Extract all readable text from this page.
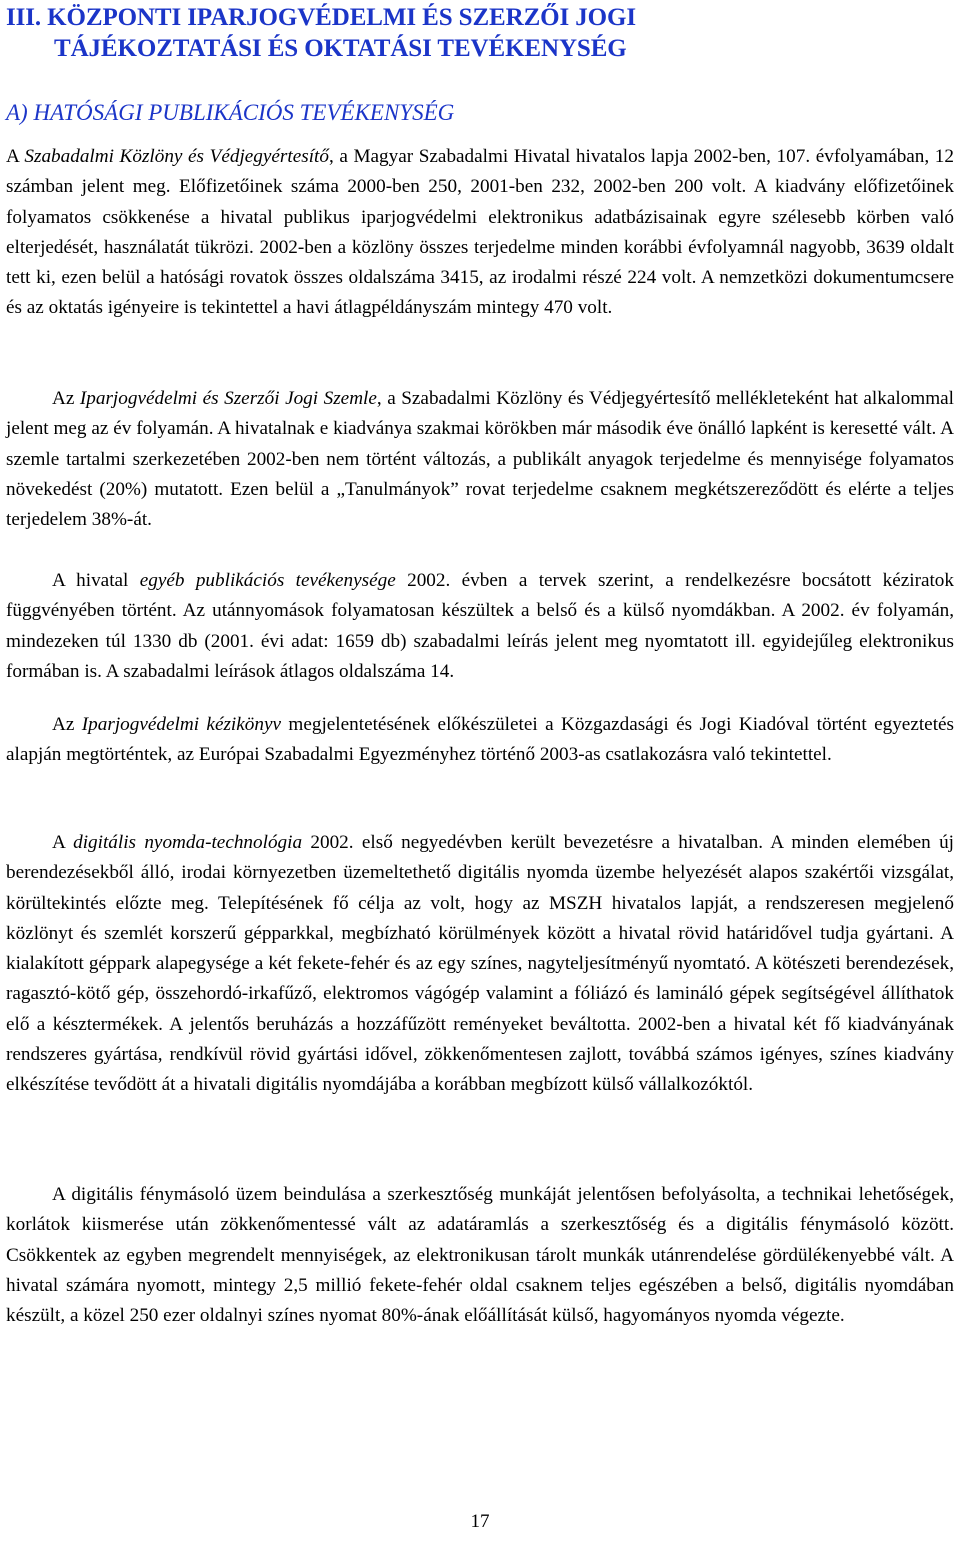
III. KÖZPONTI IPARJOGVÉDELMI ÉS SZERZŐI JOGI
TÁJÉKOZTATÁSI ÉS OKTATÁSI TEVÉKENYSÉG
A) HATÓSÁGI PUBLIKÁCIÓS TEVÉKENYSÉG

A Szabadalmi Közlöny és Védjegyértesítő, a Magyar Szabadalmi Hivatal hivatalos lapja 2002-ben, 107. évfolyamában, 12 számban jelent meg. Előfizetőinek száma 2000-ben 250, 2001-ben 232, 2002-ben 200 volt. A kiadvány előfizetőinek folyamatos csökkenése a hivatal publikus iparjogvédelmi elektronikus adatbázisainak egyre szélesebb körben való elterjedését, használatát tükrözi. 2002-ben a közlöny összes terjedelme minden korábbi évfolyamnál nagyobb, 3639 oldalt tett ki, ezen belül a hatósági rovatok összes oldalszáma 3415, az irodalmi részé 224 volt. A nemzetközi dokumentumcsere és az oktatás igényeire is tekintettel a havi átlagpéldányszám mintegy 470 volt.

Az Iparjogvédelmi és Szerzői Jogi Szemle, a Szabadalmi Közlöny és Védjegyértesítő mellékleteként hat alkalommal jelent meg az év folyamán. A hivatalnak e kiadványa szakmai körökben már második éve önálló lapként is keresetté vált. A szemle tartalmi szerkezetében 2002-ben nem történt változás, a publikált anyagok terjedelme és mennyisége folyamatos növekedést (20%) mutatott. Ezen belül a „Tanulmányok” rovat terjedelme csaknem megkétszereződött és elérte a teljes terjedelem 38%-át.

A hivatal egyéb publikációs tevékenysége 2002. évben a tervek szerint, a rendelkezésre bocsátott kéziratok függvényében történt. Az utánnyomások folyamatosan készültek a belső és a külső nyomdákban. A 2002. év folyamán, mindezeken túl 1330 db (2001. évi adat: 1659 db) szabadalmi leírás jelent meg nyomtatott ill. egyidejűleg elektronikus formában is. A szabadalmi leírások átlagos oldalszáma 14.

Az Iparjogvédelmi kézikönyv megjelentetésének előkészületei a Közgazdasági és Jogi Kiadóval történt egyeztetés alapján megtörténtek, az Európai Szabadalmi Egyezményhez történő 2003-as csatlakozásra való tekintettel.

A digitális nyomda-technológia 2002. első negyedévben került bevezetésre a hivatalban. A minden elemében új berendezésekből álló, irodai környezetben üzemeltethető digitális nyomda üzembe helyezését alapos szakértői vizsgálat, körültekintés előzte meg. Telepítésének fő célja az volt, hogy az MSZH hivatalos lapját, a rendszeresen megjelenő közlönyt és szemlét korszerű gépparkkal, megbízható körülmények között a hivatal rövid határidővel tudja gyártani. A kialakított géppark alapegysége a két fekete-fehér és az egy színes, nagyteljesítményű nyomtató. A kötészeti berendezések, ragasztó-kötő gép, összehordó-irkafűző, elektromos vágógép valamint a fóliázó és lamináló gépek segítségével állíthatok elő a késztermékek. A jelentős beruházás a hozzáfűzött reményeket beváltotta. 2002-ben a hivatal két fő kiadványának rendszeres gyártása, rendkívül rövid gyártási idővel, zökkenőmentesen zajlott, továbbá számos igényes, színes kiadvány elkészítése tevődött át a hivatali digitális nyomdájába a korábban megbízott külső vállalkozóktól.

A digitális fénymásoló üzem beindulása a szerkesztőség munkáját jelentősen befolyásolta, a technikai lehetőségek, korlátok kiismerése után zökkenőmentessé vált az adatáramlás a szerkesztőség és a digitális fénymásoló között. Csökkentek az egyben megrendelt mennyiségek, az elektronikusan tárolt munkák utánrendelése gördülékenyebbé vált. A hivatal számára nyomott, mintegy 2,5 millió fekete-fehér oldal csaknem teljes egészében a belső, digitális nyomdában készült, a közel 250 ezer oldalnyi színes nyomat 80%-ának előállítását külső, hagyományos nyomda végezte.

17
